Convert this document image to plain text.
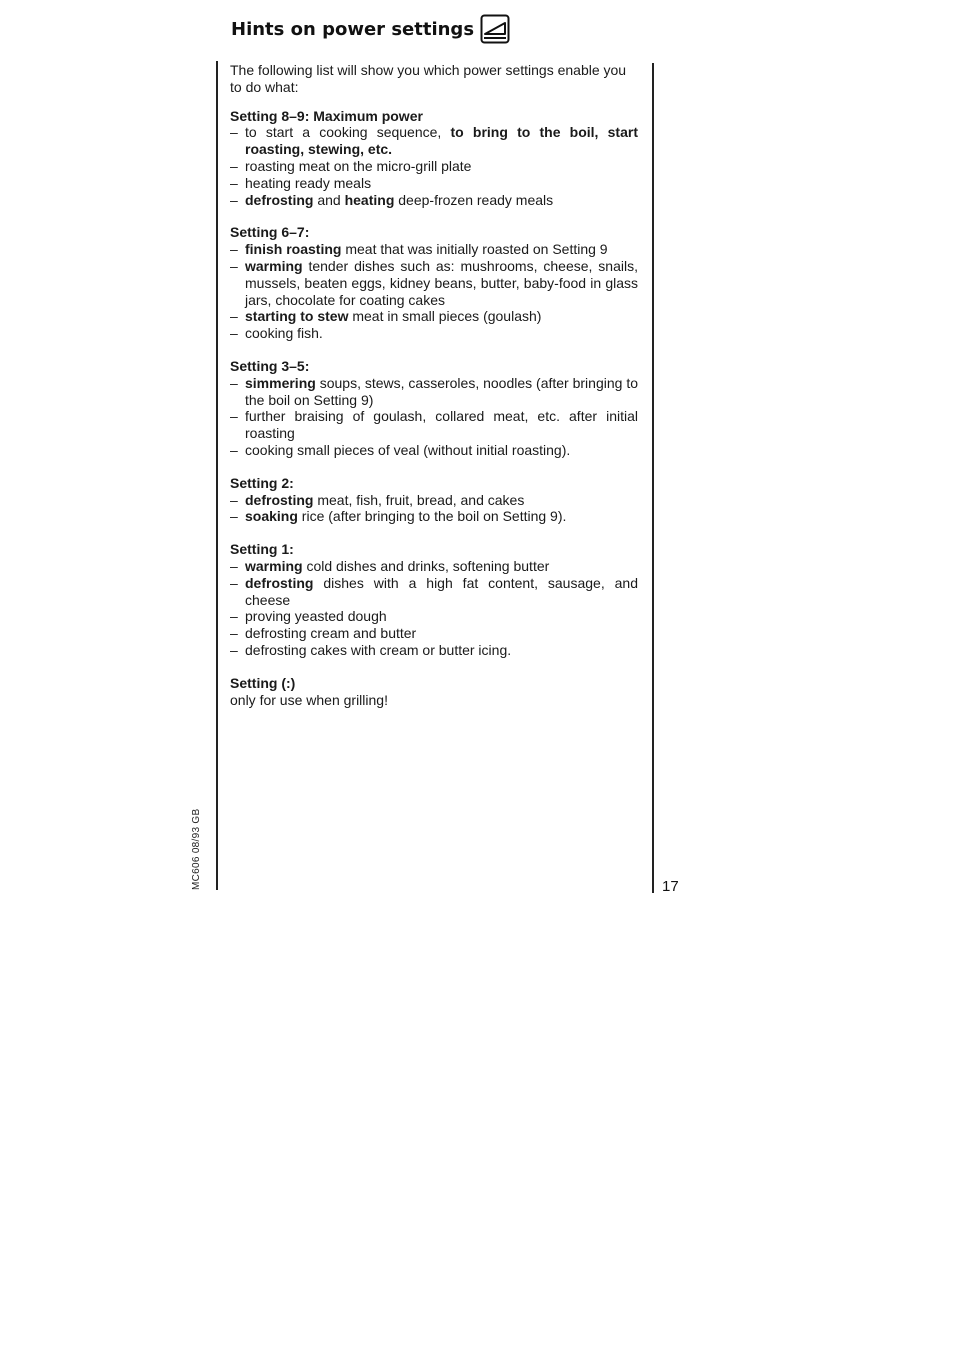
Hints on power settings

The following list will show you which power settings enable you to do what:

Setting 8–9: Maximum power

– to start a cooking sequence, to bring to the boil, start roasting, stewing, etc.
– roasting meat on the micro-grill plate
– heating ready meals
– defrosting and heating deep-frozen ready meals

Setting 6–7:

– finish roasting meat that was initially roasted on Setting 9
– warming tender dishes such as: mushrooms, cheese, snails, mussels, beaten eggs, kidney beans, butter, baby-food in glass jars, chocolate for coating cakes
– starting to stew meat in small pieces (goulash)
– cooking fish.

Setting 3–5:

– simmering soups, stews, casseroles, noodles (after bringing to the boil on Setting 9)
– further braising of goulash, collared meat, etc. after initial roasting
– cooking small pieces of veal (without initial roasting).

Setting 2:

– defrosting meat, fish, fruit, bread, and cakes
– soaking rice (after bringing to the boil on Setting 9).

Setting 1:

– warming cold dishes and drinks, softening butter
– defrosting dishes with a high fat content, sausage, and cheese
– proving yeasted dough
– defrosting cream and butter
– defrosting cakes with cream or butter icing.

Setting (:)

only for use when grilling!

MC606 08/93 GB	17
